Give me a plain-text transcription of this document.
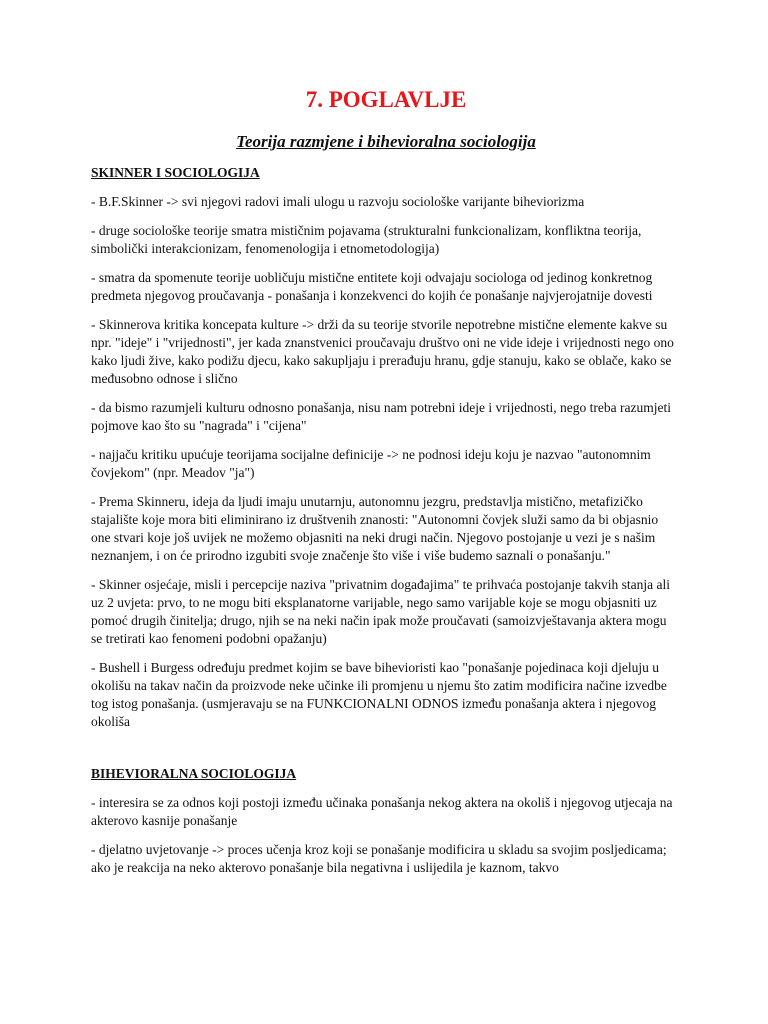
7. POGLAVLJE
Teorija razmjene i bihevioralna sociologija
SKINNER I SOCIOLOGIJA

- B.F.Skinner -> svi njegovi radovi imali ulogu u razvoju sociološke varijante biheviorizma

- druge sociološke teorije smatra mističnim pojavama (strukturalni funkcionalizam, konfliktna teorija, simbolički interakcionizam, fenomenologija i etnometodologija)

- smatra da spomenute teorije uobličuju mistične entitete koji odvajaju sociologa od jedinog konkretnog predmeta njegovog proučavanja - ponašanja i konzekvenci do kojih će ponašanje najvjerojatnije dovesti

- Skinnerova kritika koncepata kulture -> drži da su teorije stvorile nepotrebne mistične elemente kakve su npr. "ideje" i "vrijednosti", jer kada znanstvenici proučavaju društvo oni ne vide ideje i vrijednosti nego ono kako ljudi žive, kako podižu djecu, kako sakupljaju i prerađuju hranu, gdje stanuju, kako se oblače, kako se međusobno odnose i slično

- da bismo razumjeli kulturu odnosno ponašanja, nisu nam potrebni ideje i vrijednosti, nego treba razumjeti pojmove kao što su "nagrada" i "cijena"

- najjaču kritiku upućuje teorijama socijalne definicije -> ne podnosi ideju koju je nazvao "autonomnim čovjekom" (npr. Meadov "ja")

- Prema Skinneru, ideja da ljudi imaju unutarnju, autonomnu jezgru, predstavlja mistično, metafizičko stajalište koje mora biti eliminirano iz društvenih znanosti: "Autonomni čovjek služi samo da bi objasnio one stvari koje još uvijek ne možemo objasniti na neki drugi način. Njegovo postojanje u vezi je s našim neznanjem, i on će prirodno izgubiti svoje značenje što više i više budemo saznali o ponašanju."

- Skinner osjećaje, misli i percepcije naziva "privatnim događajima" te prihvaća postojanje takvih stanja ali uz 2 uvjeta: prvo, to ne mogu biti eksplanatorne varijable, nego samo varijable koje se mogu objasniti uz pomoć drugih činitelja; drugo, njih se na neki način ipak može proučavati (samoizvještavanja aktera mogu se tretirati kao fenomeni podobni opažanju)

- Bushell i Burgess određuju predmet kojim se bave bihevioristi kao "ponašanje pojedinaca koji djeluju u okolišu na takav način da proizvode neke učinke ili promjenu u njemu što zatim modificira načine izvedbe tog istog ponašanja. (usmjeravaju se na FUNKCIONALNI ODNOS između ponašanja aktera i njegovog okoliša

BIHEVIORALNA SOCIOLOGIJA

- interesira se za odnos koji postoji između učinaka ponašanja nekog aktera na okoliš i njegovog utjecaja na akterovo kasnije ponašanje

- djelatno uvjetovanje -> proces učenja kroz koji se ponašanje modificira u skladu sa svojim posljedicama; ako je reakcija na neko akterovo ponašanje bila negativna i uslijedila je kaznom, takvo
